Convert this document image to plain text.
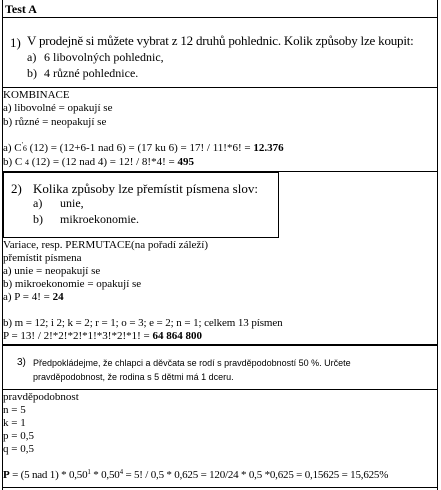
Test A
1) V prodejně si můžete vybrat z 12 druhů pohlednic. Kolik způsoby lze koupit:
a) 6 libovolných pohlednic,
b) 4 různé pohlednice.
KOMBINACE
a) libovolné = opakují se
b) různé = neopakují se
a) C'6 (12) = (12+6-1 nad 6) = (17 ku 6) = 17! / 11!*6! = 12.376
b) C 4 (12) = (12 nad 4) = 12! / 8!*4! = 495
2) Kolika způsoby lze přemístit písmena slov:
a) unie,
b) mikroekonomie.
Variace, resp. PERMUTACE(na pořadí záleží)
přemístit písmena
a) unie = neopakují se
b) mikroekonomie = opakují se
a) P = 4! = 24
b) m = 12; i 2; k = 2; r = 1; o = 3; e = 2; n = 1; celkem 13 písmen
P = 13! / 2!*2!*2!*1!*3!*2!*1! = 64 864 800
3) Předpokládejme, že chlapci a děvčata se rodí s pravděpodobností 50 %. Určete
pravděpodobnost, že rodina s 5 dětmi má 1 dceru.
pravděpodobnost
n = 5
k = 1
p = 0,5
q = 0,5
P = (5 nad $1) * 0,50^1 * 0,50^4 = 5$! / 0,5 * 0,625 = 120/24 * 0,5 *0,625 = 0,15625 = 15,625%
